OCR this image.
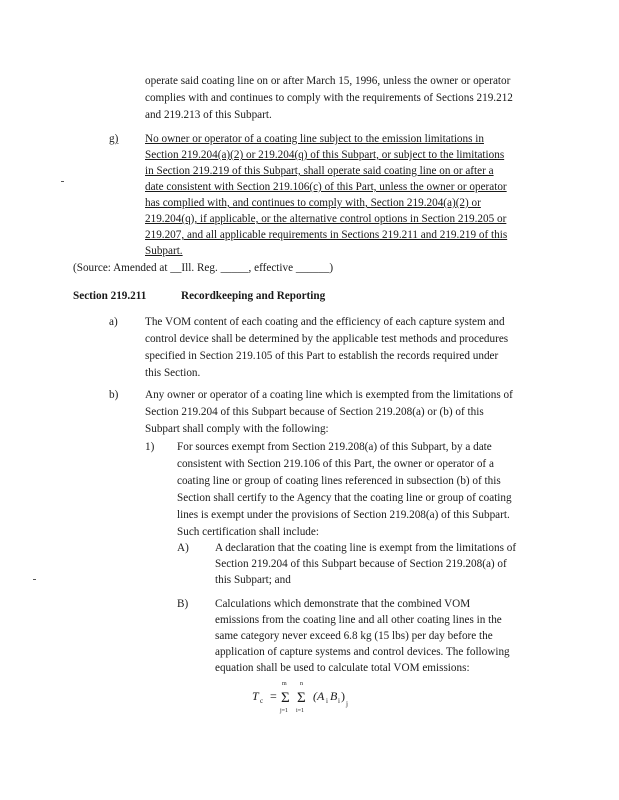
operate said coating line on or after March 15, 1996, unless the owner or operator
complies with and continues to comply with the requirements of Sections 219.212
and 219.213 of this Subpart.
g)	No owner or operator of a coating line subject to the emission limitations in
Section 219.204(a)(2) or 219.204(q) of this Subpart, or subject to the limitations
in Section 219.219 of this Subpart, shall operate said coating line on or after a
date consistent with Section 219.106(c) of this Part, unless the owner or operator
has complied with, and continues to comply with, Section 219.204(a)(2) or
219.204(q), if applicable, or the alternative control options in Section 219.205 or
219.207, and all applicable requirements in Sections 219.211 and 219.219 of this
Subpart.
(Source: Amended at __Ill. Reg. _____, effective ______)
Section 219.211	Recordkeeping and Reporting
a) The VOM content of each coating and the efficiency of each capture system and
control device shall be determined by the applicable test methods and procedures
specified in Section 219.105 of this Part to establish the records required under
this Section.
b) Any owner or operator of a coating line which is exempted from the limitations of
Section 219.204 of this Subpart because of Section 219.208(a) or (b) of this
Subpart shall comply with the following:
1) For sources exempt from Section 219.208(a) of this Subpart, by a date
consistent with Section 219.106 of this Part, the owner or operator of a
coating line or group of coating lines referenced in subsection (b) of this
Section shall certify to the Agency that the coating line or group of coating
lines is exempt under the provisions of Section 219.208(a) of this Subpart.
Such certification shall include:
A) A declaration that the coating line is exempt from the limitations of
Section 219.204 of this Subpart because of Section 219.208(a) of
this Subpart; and
B) Calculations which demonstrate that the combined VOM
emissions from the coating line and all other coating lines in the
same category never exceed 6.8 kg (15 lbs) per day before the
application of capture systems and control devices. The following
equation shall be used to calculate total VOM emissions:
T c =
m
Σ
j=1
n
Σ
i=1
(A i B i )
j
